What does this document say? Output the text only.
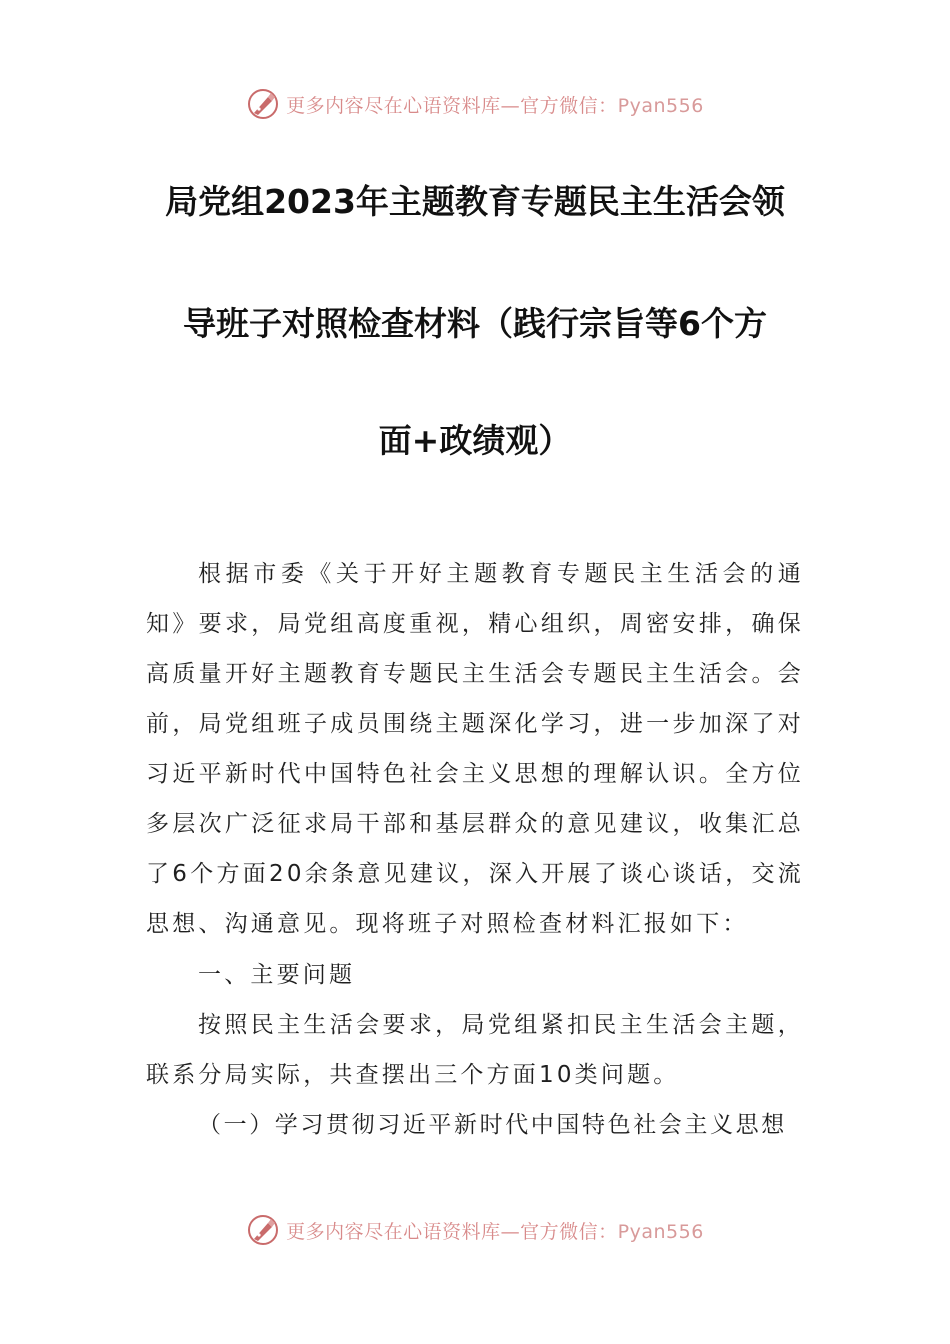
更多内容尽在心语资料库—官方微信：Pyan556
局党组2023年主题教育专题民主生活会领
导班子对照检查材料（践行宗旨等6个方
面+政绩观）
根据市委《关于开好主题教育专题民主生活会的通知》要求，局党组高度重视，精心组织，周密安排，确保高质量开好主题教育专题民主生活会专题民主生活会。会前，局党组班子成员围绕主题深化学习，进一步加深了对习近平新时代中国特色社会主义思想的理解认识。全方位多层次广泛征求局干部和基层群众的意见建议，收集汇总了6个方面20余条意见建议，深入开展了谈心谈话，交流思想、沟通意见。现将班子对照检查材料汇报如下：
一、主要问题
按照民主生活会要求，局党组紧扣民主生活会主题，联系分局实际，共查摆出三个方面10类问题。
（一）学习贯彻习近平新时代中国特色社会主义思想
更多内容尽在心语资料库—官方微信：Pyan556
